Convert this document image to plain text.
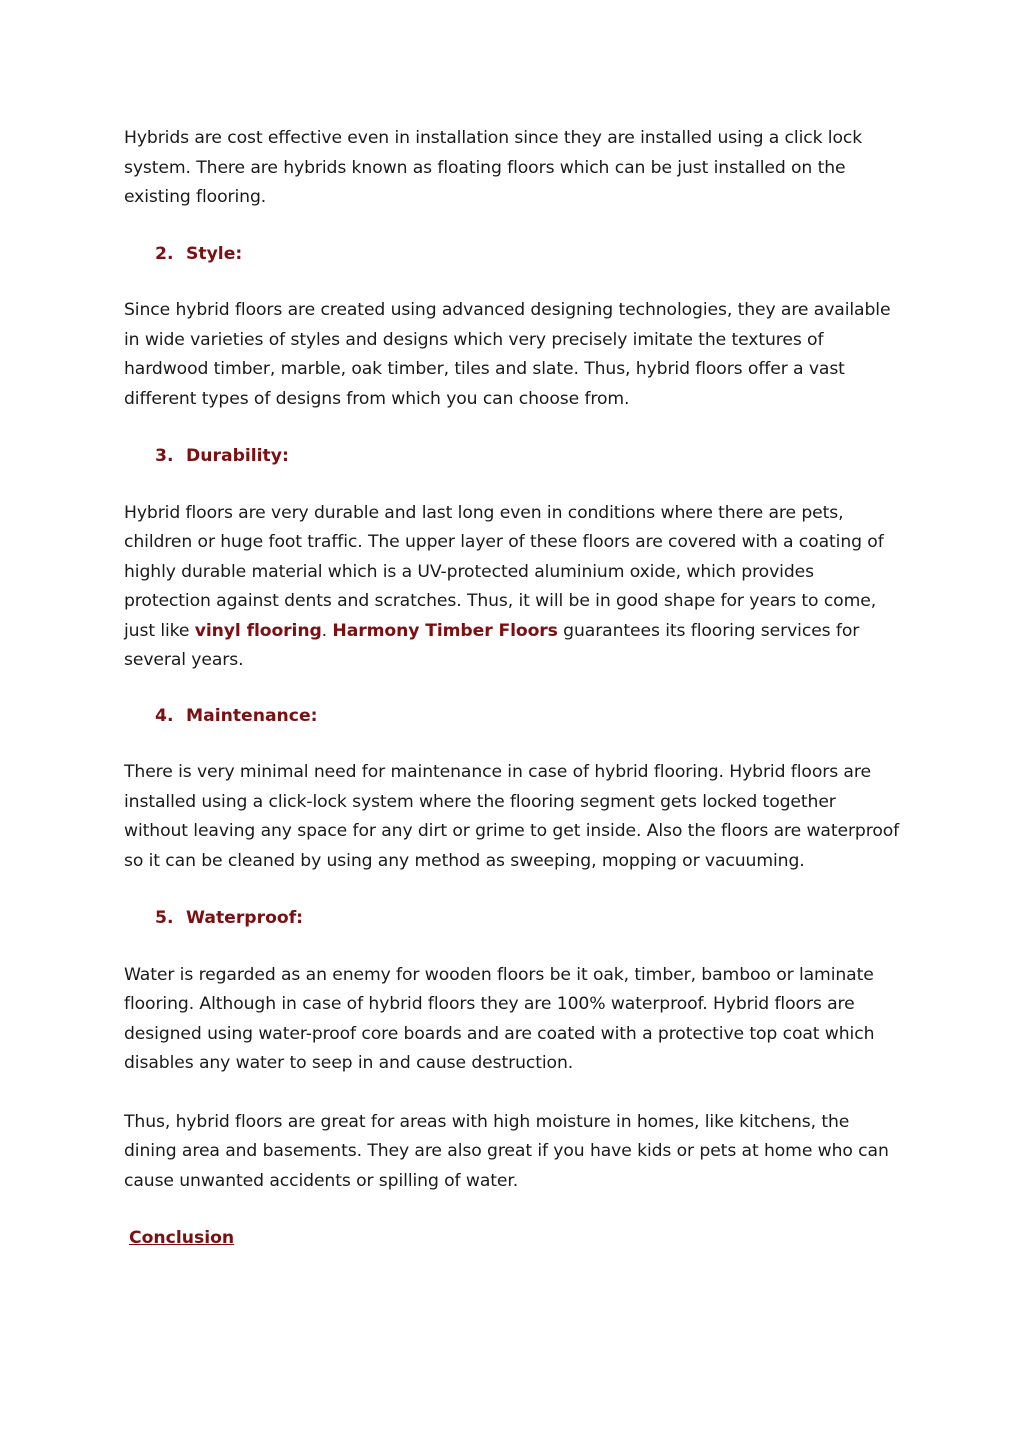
Hybrids are cost effective even in installation since they are installed using a click lock system. There are hybrids known as floating floors which can be just installed on the existing flooring.

2. Style:

Since hybrid floors are created using advanced designing technologies, they are available in wide varieties of styles and designs which very precisely imitate the textures of hardwood timber, marble, oak timber, tiles and slate. Thus, hybrid floors offer a vast different types of designs from which you can choose from.

3. Durability:

Hybrid floors are very durable and last long even in conditions where there are pets, children or huge foot traffic. The upper layer of these floors are covered with a coating of highly durable material which is a UV-protected aluminium oxide, which provides protection against dents and scratches. Thus, it will be in good shape for years to come, just like vinyl flooring. Harmony Timber Floors guarantees its flooring services for several years.

4. Maintenance:

There is very minimal need for maintenance in case of hybrid flooring. Hybrid floors are installed using a click-lock system where the flooring segment gets locked together without leaving any space for any dirt or grime to get inside. Also the floors are waterproof so it can be cleaned by using any method as sweeping, mopping or vacuuming.

5. Waterproof:

Water is regarded as an enemy for wooden floors be it oak, timber, bamboo or laminate flooring. Although in case of hybrid floors they are 100% waterproof. Hybrid floors are designed using water-proof core boards and are coated with a protective top coat which disables any water to seep in and cause destruction.

Thus, hybrid floors are great for areas with high moisture in homes, like kitchens, the dining area and basements. They are also great if you have kids or pets at home who can cause unwanted accidents or spilling of water.

Conclusion
